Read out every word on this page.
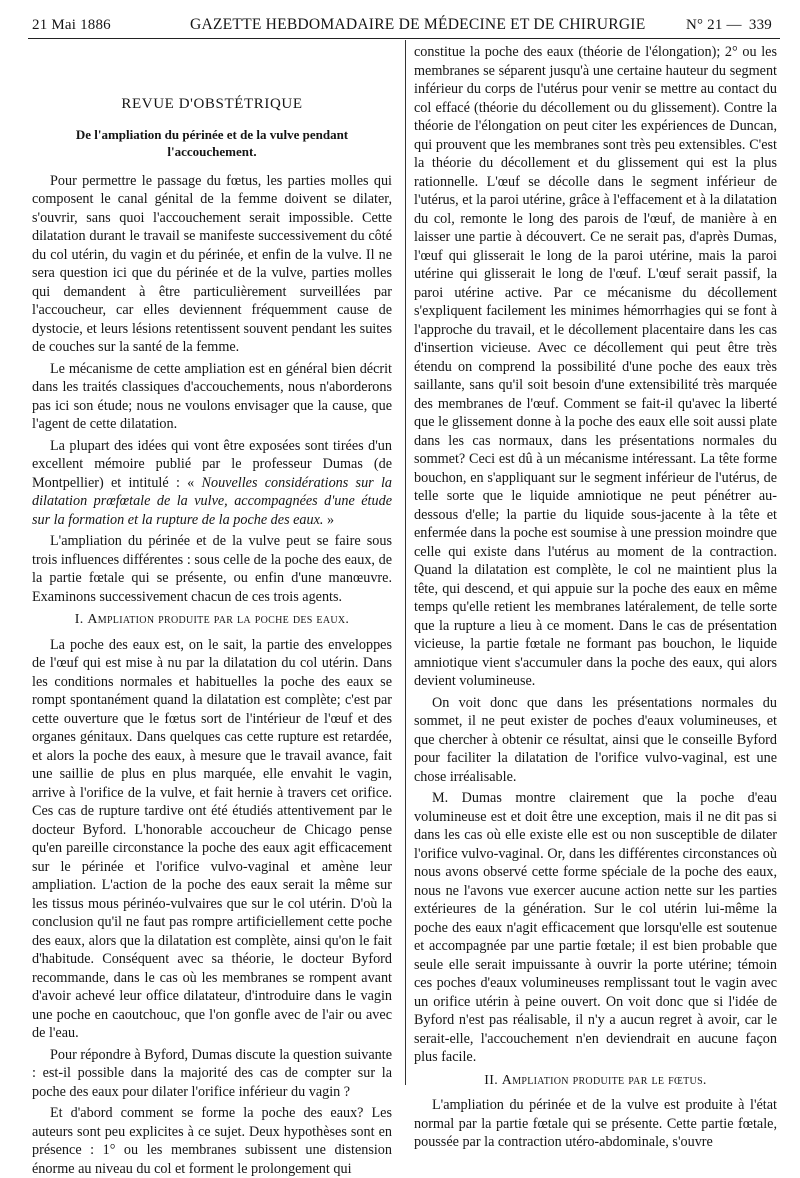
21 Mai 1886	GAZETTE HEBDOMADAIRE DE MÉDECINE ET DE CHIRURGIE	N° 21 — 339
REVUE D'OBSTÉTRIQUE
De l'ampliation du périnée et de la vulve pendant l'accouchement.

Pour permettre le passage du fœtus, les parties molles qui composent le canal génital de la femme doivent se dilater, s'ouvrir, sans quoi l'accouchement serait impossible. Cette dilatation durant le travail se manifeste successivement du côté du col utérin, du vagin et du périnée, et enfin de la vulve. Il ne sera question ici que du périnée et de la vulve, parties molles qui demandent à être particulièrement surveillées par l'accoucheur, car elles deviennent fréquemment cause de dystocie, et leurs lésions retentissent souvent pendant les suites de couches sur la santé de la femme.

Le mécanisme de cette ampliation est en général bien décrit dans les traités classiques d'accouchements, nous n'aborderons pas ici son étude; nous ne voulons envisager que la cause, que l'agent de cette dilatation.

La plupart des idées qui vont être exposées sont tirées d'un excellent mémoire publié par le professeur Dumas (de Montpellier) et intitulé : « Nouvelles considérations sur la dilatation prœfœtale de la vulve, accompagnées d'une étude sur la formation et la rupture de la poche des eaux. »

L'ampliation du périnée et de la vulve peut se faire sous trois influences différentes : sous celle de la poche des eaux, de la partie fœtale qui se présente, ou enfin d'une manœuvre. Examinons successivement chacun de ces trois agents.

I. Ampliation produite par la poche des eaux.

La poche des eaux est, on le sait, la partie des enveloppes de l'œuf qui est mise à nu par la dilatation du col utérin. Dans les conditions normales et habituelles la poche des eaux se rompt spontanément quand la dilatation est complète; c'est par cette ouverture que le fœtus sort de l'intérieur de l'œuf et des organes génitaux. Dans quelques cas cette rupture est retardée, et alors la poche des eaux, à mesure que le travail avance, fait une saillie de plus en plus marquée, elle envahit le vagin, arrive à l'orifice de la vulve, et fait hernie à travers cet orifice. Ces cas de rupture tardive ont été étudiés attentivement par le docteur Byford. L'honorable accoucheur de Chicago pense qu'en pareille circonstance la poche des eaux agit efficacement sur le périnée et l'orifice vulvo-vaginal et amène leur ampliation. L'action de la poche des eaux serait la même sur les tissus mous périnéo-vulvaires que sur le col utérin. D'où la conclusion qu'il ne faut pas rompre artificiellement cette poche des eaux, alors que la dilatation est complète, ainsi qu'on le fait d'habitude. Conséquent avec sa théorie, le docteur Byford recommande, dans le cas où les membranes se rompent avant d'avoir achevé leur office dilatateur, d'introduire dans le vagin une poche en caoutchouc, que l'on gonfle avec de l'air ou avec de l'eau.

Pour répondre à Byford, Dumas discute la question suivante : est-il possible dans la majorité des cas de compter sur la poche des eaux pour dilater l'orifice inférieur du vagin ?

Et d'abord comment se forme la poche des eaux? Les auteurs sont peu explicites à ce sujet. Deux hypothèses sont en présence : 1° ou les membranes subissent une distension énorme au niveau du col et forment le prolongement qui

constitue la poche des eaux (théorie de l'élongation); 2° ou les membranes se séparent jusqu'à une certaine hauteur du segment inférieur du corps de l'utérus pour venir se mettre au contact du col effacé (théorie du décollement ou du glissement). Contre la théorie de l'élongation on peut citer les expériences de Duncan, qui prouvent que les membranes sont très peu extensibles. C'est la théorie du décollement et du glissement qui est la plus rationnelle. L'œuf se décolle dans le segment inférieur de l'utérus, et la paroi utérine, grâce à l'effacement et à la dilatation du col, remonte le long des parois de l'œuf, de manière à en laisser une partie à découvert. Ce ne serait pas, d'après Dumas, l'œuf qui glisserait le long de la paroi utérine, mais la paroi utérine qui glisserait le long de l'œuf. L'œuf serait passif, la paroi utérine active. Par ce mécanisme du décollement s'expliquent facilement les minimes hémorrhagies qui se font à l'approche du travail, et le décollement placentaire dans les cas d'insertion vicieuse. Avec ce décollement qui peut être très étendu on comprend la possibilité d'une poche des eaux très saillante, sans qu'il soit besoin d'une extensibilité très marquée des membranes de l'œuf. Comment se fait-il qu'avec la liberté que le glissement donne à la poche des eaux elle soit aussi plate dans les cas normaux, dans les présentations normales du sommet? Ceci est dû à un mécanisme intéressant. La tête forme bouchon, en s'appliquant sur le segment inférieur de l'utérus, de telle sorte que le liquide amniotique ne peut pénétrer au-dessous d'elle; la partie du liquide sous-jacente à la tête et enfermée dans la poche est soumise à une pression moindre que celle qui existe dans l'utérus au moment de la contraction. Quand la dilatation est complète, le col ne maintient plus la tête, qui descend, et qui appuie sur la poche des eaux en même temps qu'elle retient les membranes latéralement, de telle sorte que la rupture a lieu à ce moment. Dans le cas de présentation vicieuse, la partie fœtale ne formant pas bouchon, le liquide amniotique vient s'accumuler dans la poche des eaux, qui alors devient volumineuse.

On voit donc que dans les présentations normales du sommet, il ne peut exister de poches d'eaux volumineuses, et que chercher à obtenir ce résultat, ainsi que le conseille Byford pour faciliter la dilatation de l'orifice vulvo-vaginal, est une chose irréalisable.

M. Dumas montre clairement que la poche d'eau volumineuse est et doit être une exception, mais il ne dit pas si dans les cas où elle existe elle est ou non susceptible de dilater l'orifice vulvo-vaginal. Or, dans les différentes circonstances où nous avons observé cette forme spéciale de la poche des eaux, nous ne l'avons vue exercer aucune action nette sur les parties extérieures de la génération. Sur le col utérin lui-même la poche des eaux n'agit efficacement que lorsqu'elle est soutenue et accompagnée par une partie fœtale; il est bien probable que seule elle serait impuissante à ouvrir la porte utérine; témoin ces poches d'eaux volumineuses remplissant tout le vagin avec un orifice utérin à peine ouvert. On voit donc que si l'idée de Byford n'est pas réalisable, il n'y a aucun regret à avoir, car le serait-elle, l'accouchement n'en deviendrait en aucune façon plus facile.

II. Ampliation produite par le fœtus.

L'ampliation du périnée et de la vulve est produite à l'état normal par la partie fœtale qui se présente. Cette partie fœtale, poussée par la contraction utéro-abdominale, s'ouvre
